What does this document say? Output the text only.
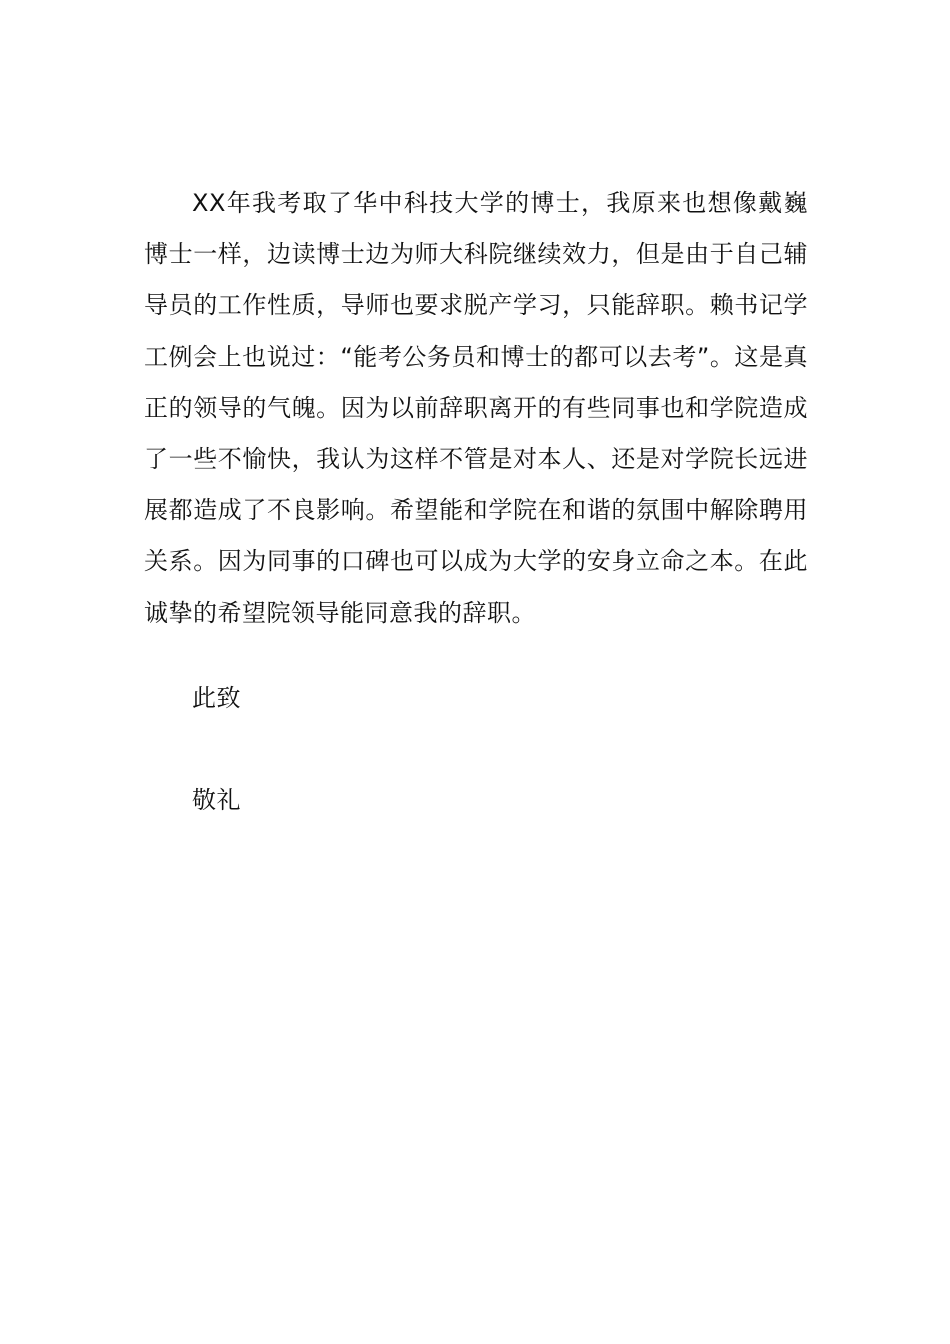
XX年我考取了华中科技大学的博士，我原来也想像戴巍博士一样，边读博士边为师大科院继续效力，但是由于自己辅导员的工作性质，导师也要求脱产学习，只能辞职。赖书记学工例会上也说过：“能考公务员和博士的都可以去考”。这是真正的领导的气魄。因为以前辞职离开的有些同事也和学院造成了一些不愉快，我认为这样不管是对本人、还是对学院长远进展都造成了不良影响。希望能和学院在和谐的氛围中解除聘用关系。因为同事的口碑也可以成为大学的安身立命之本。在此诚挚的希望院领导能同意我的辞职。

此致

敬礼
